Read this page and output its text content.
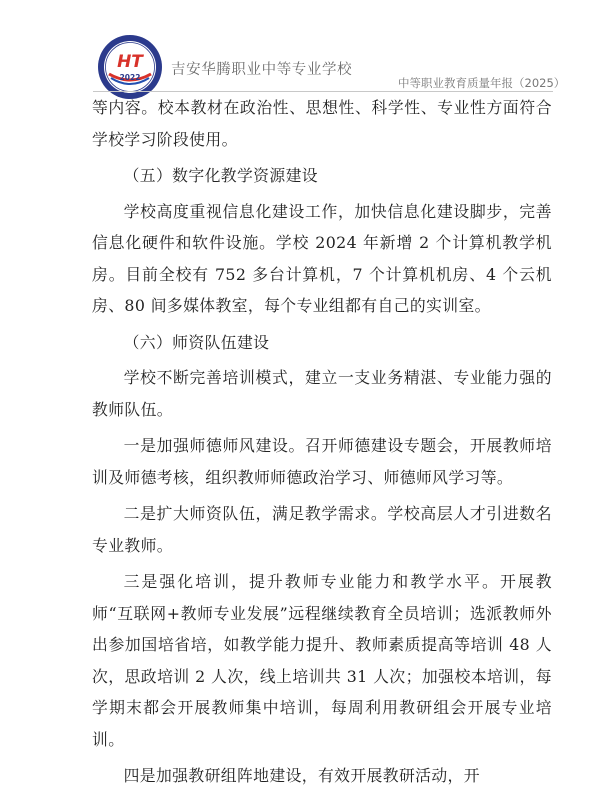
HT
2022 吉安华腾职业中等专业学校
中等职业教育质量年报（2025）

等内容。校本教材在政治性、思想性、科学性、专业性方面符合学校学习阶段使用。

（五）数字化教学资源建设

学校高度重视信息化建设工作，加快信息化建设脚步，完善信息化硬件和软件设施。学校 2024 年新增 2 个计算机教学机房。目前全校有 752 多台计算机，7 个计算机机房、4 个云机房、80 间多媒体教室，每个专业组都有自己的实训室。

（六）师资队伍建设

学校不断完善培训模式，建立一支业务精湛、专业能力强的教师队伍。

一是加强师德师风建设。召开师德建设专题会，开展教师培训及师德考核，组织教师师德政治学习、师德师风学习等。

二是扩大师资队伍，满足教学需求。学校高层人才引进数名专业教师。

三是强化培训，提升教师专业能力和教学水平。开展教师“互联网+教师专业发展”远程继续教育全员培训；选派教师外出参加国培省培，如教学能力提升、教师素质提高等培训 48 人次，思政培训 2 人次，线上培训共 31 人次；加强校本培训，每学期末都会开展教师集中培训，每周利用教研组会开展专业培训。

四是加强教研组阵地建设，有效开展教研活动，开
